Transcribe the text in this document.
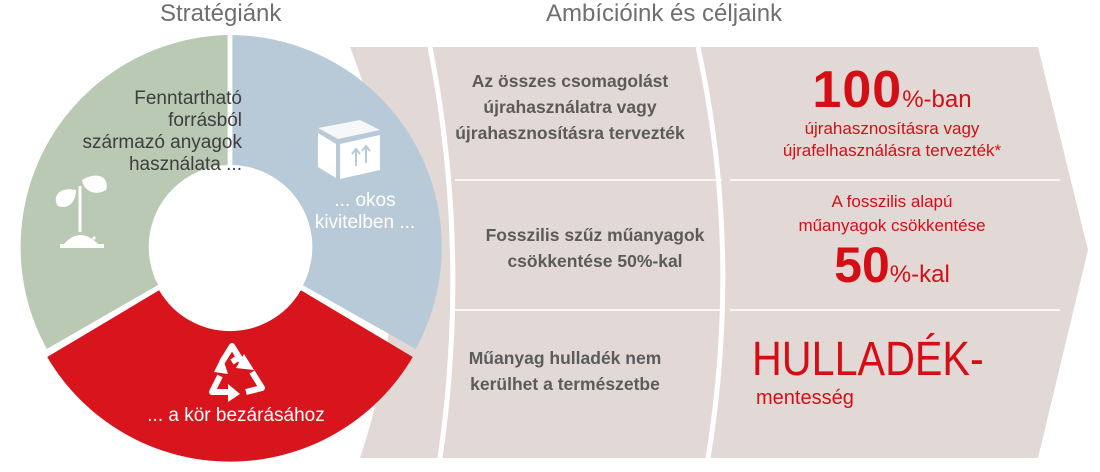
Stratégiánk	Ambícióink és céljaink
Fenntartható
forrásból
származó anyagok
használata ...
... okos
kivitelben ...
... a kör bezárásához
Az összes csomagolást
újrahasználatra vagy
újrahasznosításra tervezték
Fosszilis szűz műanyagok
csökkentése 50%-kal
Műanyag hulladék nem
kerülhet a természetbe
100%-ban
újrahasznosításra vagy
újrafelhasználásra tervezték*
A fosszilis alapú
műanyagok csökkentése
50%-kal
HULLADÉK-
mentesség
